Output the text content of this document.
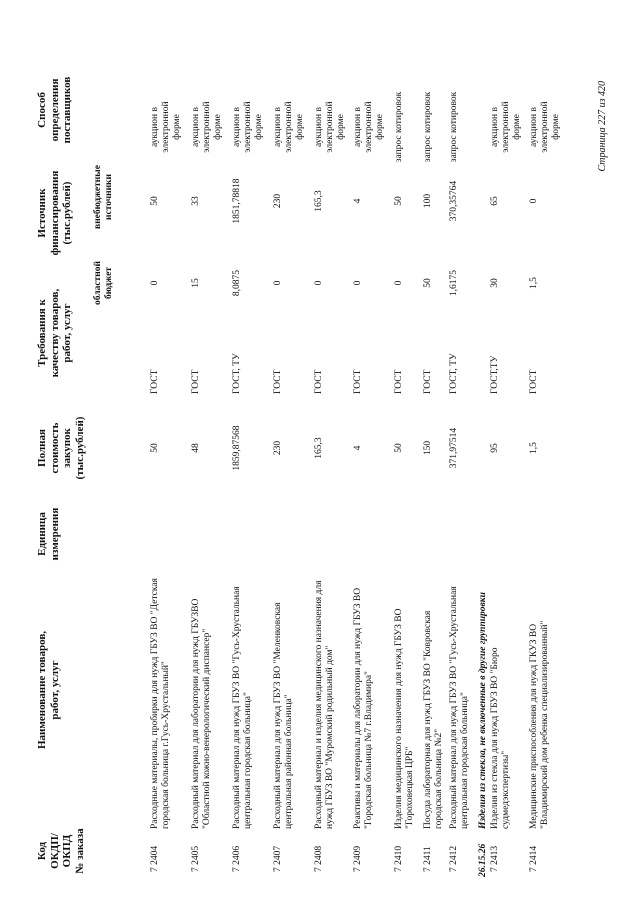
Код ОКДП/ ОКПД № заказа
Наименование товаров, работ, услуг
Единица измерения
Полная стоимость закупок (тыс.рублей)
Требования к качеству товаров, работ, услуг
Источник финансирования (тыс.рублей)
областной бюджет
внебюджетные источники
Способ определения поставщиков
7 2404
Расходные материалы, пробирки для нужд ГБУЗ ВО "Детская городская больница г.Гусь-Хрустальный"
50
ГОСТ
0
50
аукцион в электронной форме
7 2405
Расходный материал для лаборатории для нужд ГБУЗВО "Областной кожно-венерологический диспансер"
48
ГОСТ
15
33
аукцион в электронной форме
7 2406
Расходный материал для нужд ГБУЗ ВО "Гусь-Хрустальная центральная городская больница"
1859,87568
ГОСТ, ТУ
8,0875
1851,78818
аукцион в электронной форме
7 2407
Расходный материал для нужд ГБУЗ ВО "Меленковская центральная районная больница"
230
ГОСТ
0
230
аукцион в электронной форме
7 2408
Расходный материал и изделия медицинского назначения для нужд ГБУЗ ВО "Муромский родильный дом"
165,3
ГОСТ
0
165,3
аукцион в электронной форме
7 2409
Реактивы и материалы для лаборатории для нужд ГБУЗ ВО "Городская больница №7 г.Владимира"
4
ГОСТ
0
4
аукцион в электронной форме
7 2410
Изделия медицинского назначения для нужд ГБУЗ ВО "Гороховецкая ЦРБ"
50
ГОСТ
0
50
запрос котировок
7 2411
Посуда лабораторная для нужд ГБУЗ ВО "Ковровская городская больница №2"
150
ГОСТ
50
100
запрос котировок
7 2412
Расходный материал для нужд ГБУЗ ВО "Гусь-Хрустальная центральная городская больница"
371,97514
ГОСТ, ТУ
1,6175
370,35764
запрос котировок
7 2413
Изделия из стекла для нужд ГБУЗ ВО "Бюро судмедэкспертизы"
95
ГОСТ,ТУ
30
65
аукцион в электронной форме
7 2414
Медицинские приспособления для нужд ГКУЗ ВО "Владимирский дом ребенка специализированный"
1,5
ГОСТ
1,5
0
аукцион в электронной форме
26.15.26
Изделия из стекла, не включенные в другие группировки
Страница 227 из 420
